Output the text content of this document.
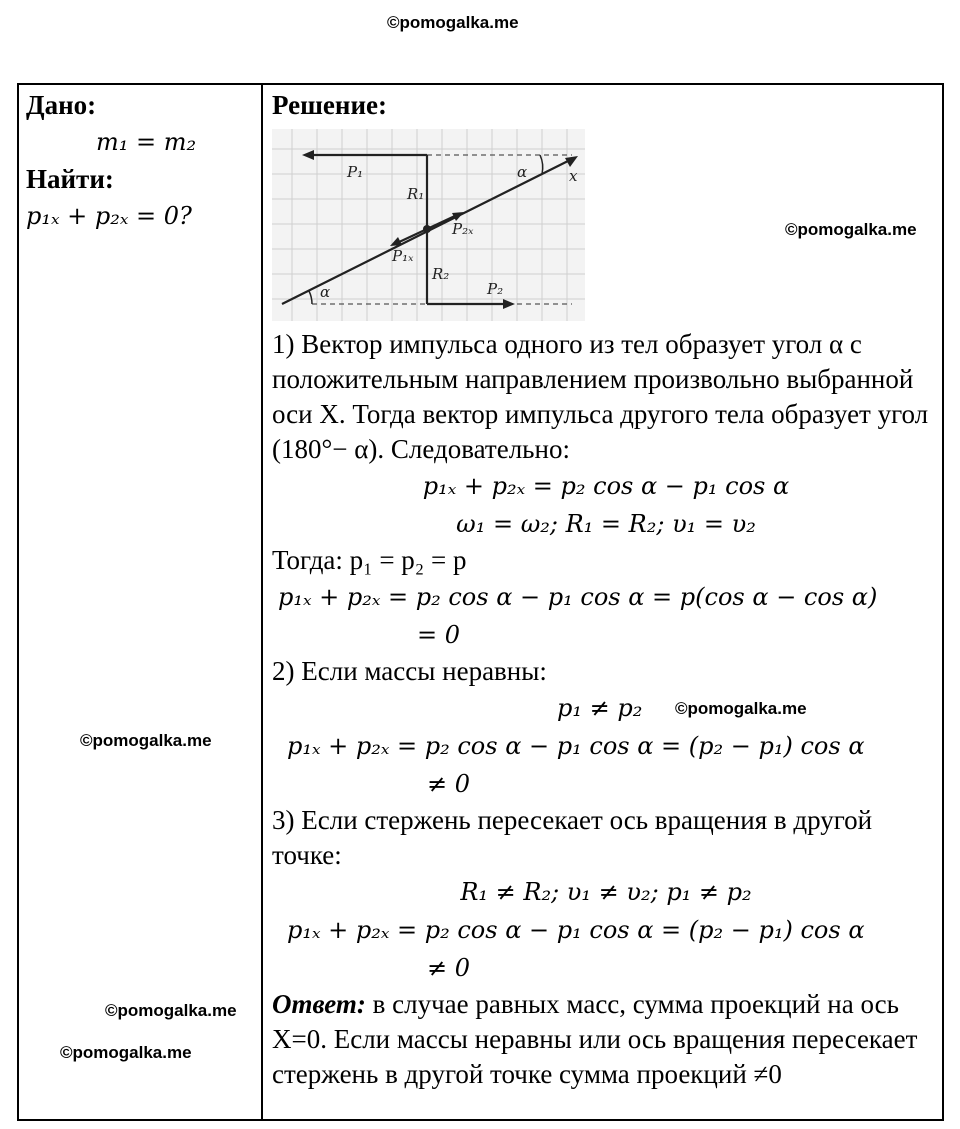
©pomogalka.me
©pomogalka.me
©pomogalka.me
©pomogalka.me
©pomogalka.me
©pomogalka.me
Дано:
m₁ = m₂
Найти:
p₁ₓ + p₂ₓ = 0?
Решение:
P₁
P₂
R₁
R₂
P₁ₓ
P₂ₓ
α
α
x
1) Вектор импульса одного из тел образует угол α с положительным направлением произвольно выбранной оси X. Тогда вектор импульса другого тела образует угол (180°− α). Следовательно:
p₁ₓ + p₂ₓ = p₂ cos α − p₁ cos α
ω₁ = ω₂; R₁ = R₂; υ₁ = υ₂
Тогда: p₁ = p₂ = p
p₁ₓ + p₂ₓ = p₂ cos α − p₁ cos α = p(cos α − cos α)
= 0
2) Если массы неравны:
p₁ ≠ p₂
p₁ₓ + p₂ₓ = p₂ cos α − p₁ cos α = (p₂ − p₁) cos α
≠ 0
3) Если стержень пересекает ось вращения в другой точке:
R₁ ≠ R₂; υ₁ ≠ υ₂; p₁ ≠ p₂
p₁ₓ + p₂ₓ = p₂ cos α − p₁ cos α = (p₂ − p₁) cos α
≠ 0
Ответ: в случае равных масс, сумма проекций на ось X=0. Если массы неравны или ось вращения пересекает стержень в другой точке сумма проекций ≠0
